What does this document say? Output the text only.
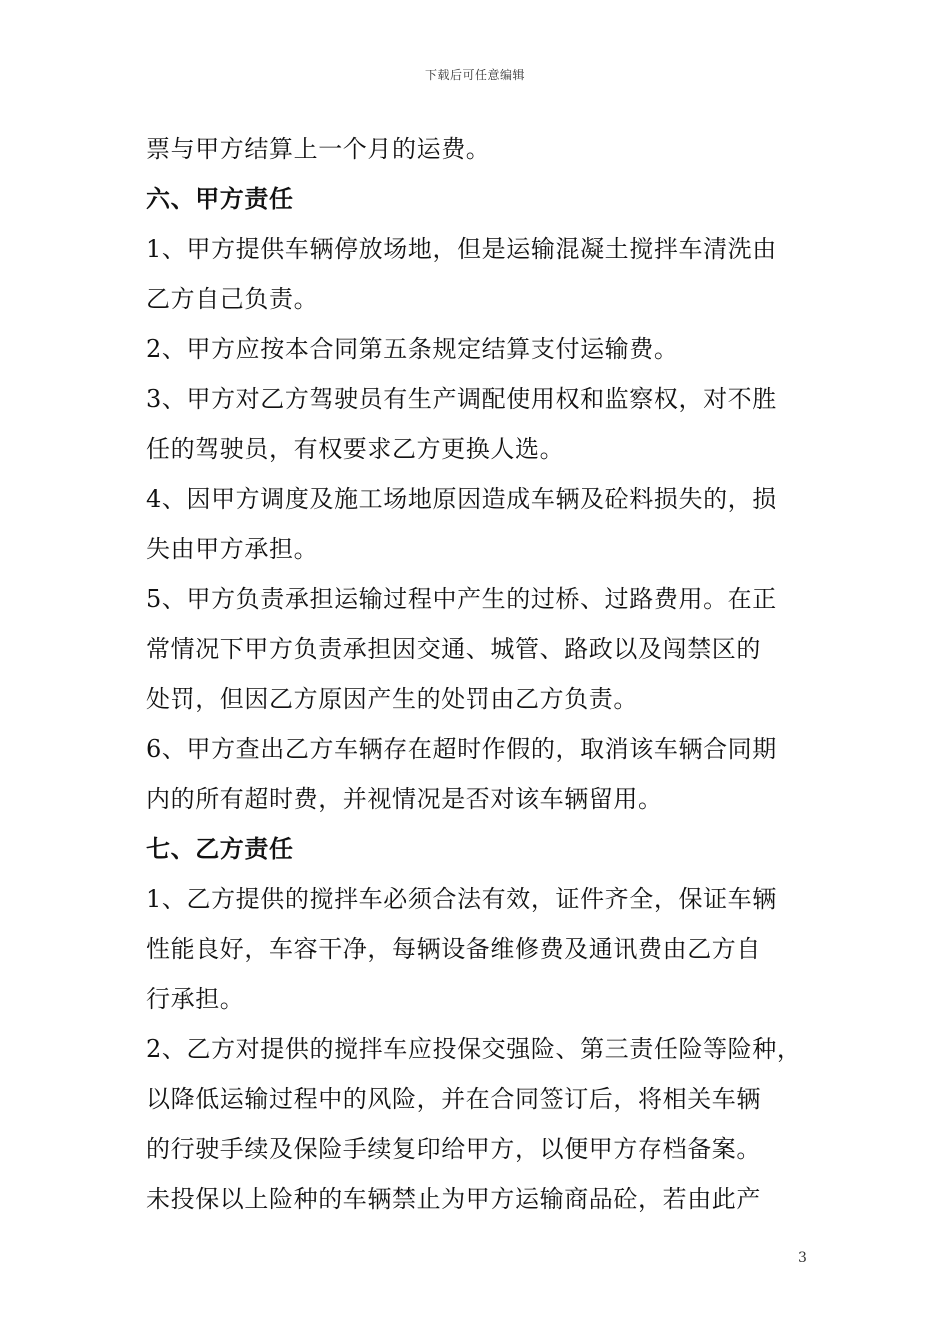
下载后可任意编辑
票与甲方结算上一个月的运费。
六、甲方责任
1、甲方提供车辆停放场地，但是运输混凝土搅拌车清洗由
乙方自己负责。
2、甲方应按本合同第五条规定结算支付运输费。
3、甲方对乙方驾驶员有生产调配使用权和监察权，对不胜
任的驾驶员，有权要求乙方更换人选。
4、因甲方调度及施工场地原因造成车辆及砼料损失的，损
失由甲方承担。
5、甲方负责承担运输过程中产生的过桥、过路费用。在正
常情况下甲方负责承担因交通、城管、路政以及闯禁区的
处罚，但因乙方原因产生的处罚由乙方负责。
6、甲方查出乙方车辆存在超时作假的，取消该车辆合同期
内的所有超时费，并视情况是否对该车辆留用。
七、乙方责任
1、乙方提供的搅拌车必须合法有效，证件齐全，保证车辆
性能良好，车容干净，每辆设备维修费及通讯费由乙方自
行承担。
2、乙方对提供的搅拌车应投保交强险、第三责任险等险种，
以降低运输过程中的风险，并在合同签订后，将相关车辆
的行驶手续及保险手续复印给甲方，以便甲方存档备案。
未投保以上险种的车辆禁止为甲方运输商品砼，若由此产
3
